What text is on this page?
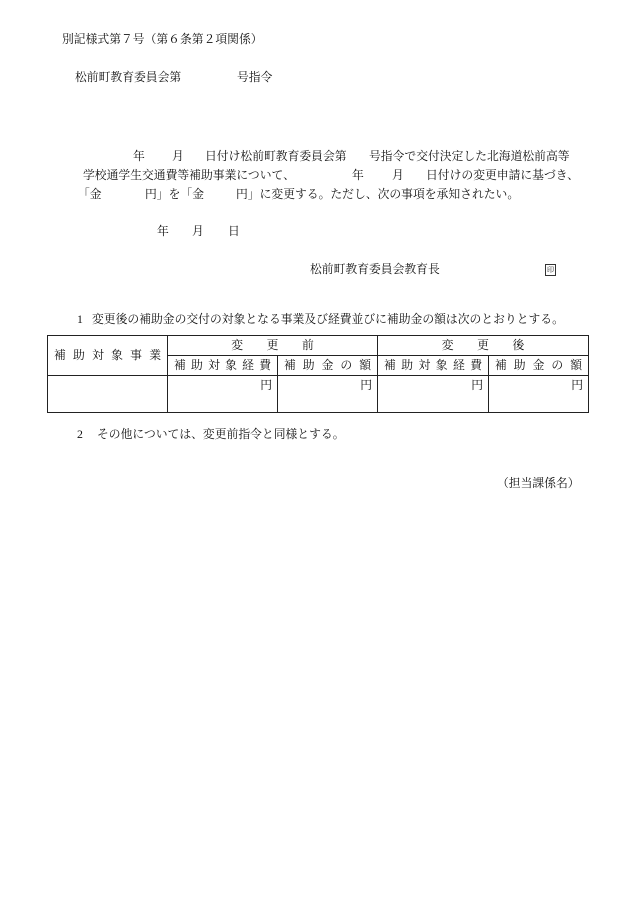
別記様式第７号（第６条第２項関係）
松前町教育委員会第	号指令
年 月 日付け松前町教育委員会第 号指令で交付決定した北海道松前高等
学校通学生交通費等補助事業について、	年 月 日付けの変更申請に基づき、
「金	円」を「金	円」に変更する。ただし、次の事項を承知されたい。
年 月 日
松前町教育委員会教育長	印
1 変更後の補助金の交付の対象となる事業及び経費並びに補助金の額は次のとおりとする。
補 助 対 象 事 業	変　　更　　前		変　　更　　後	

	補 助 対 象 経 費	補 助 金 の 額	補 助 対 象 経 費	補 助 金 の 額

	円	円	円	円
2 その他については、変更前指令と同様とする。
（担当課係名）
